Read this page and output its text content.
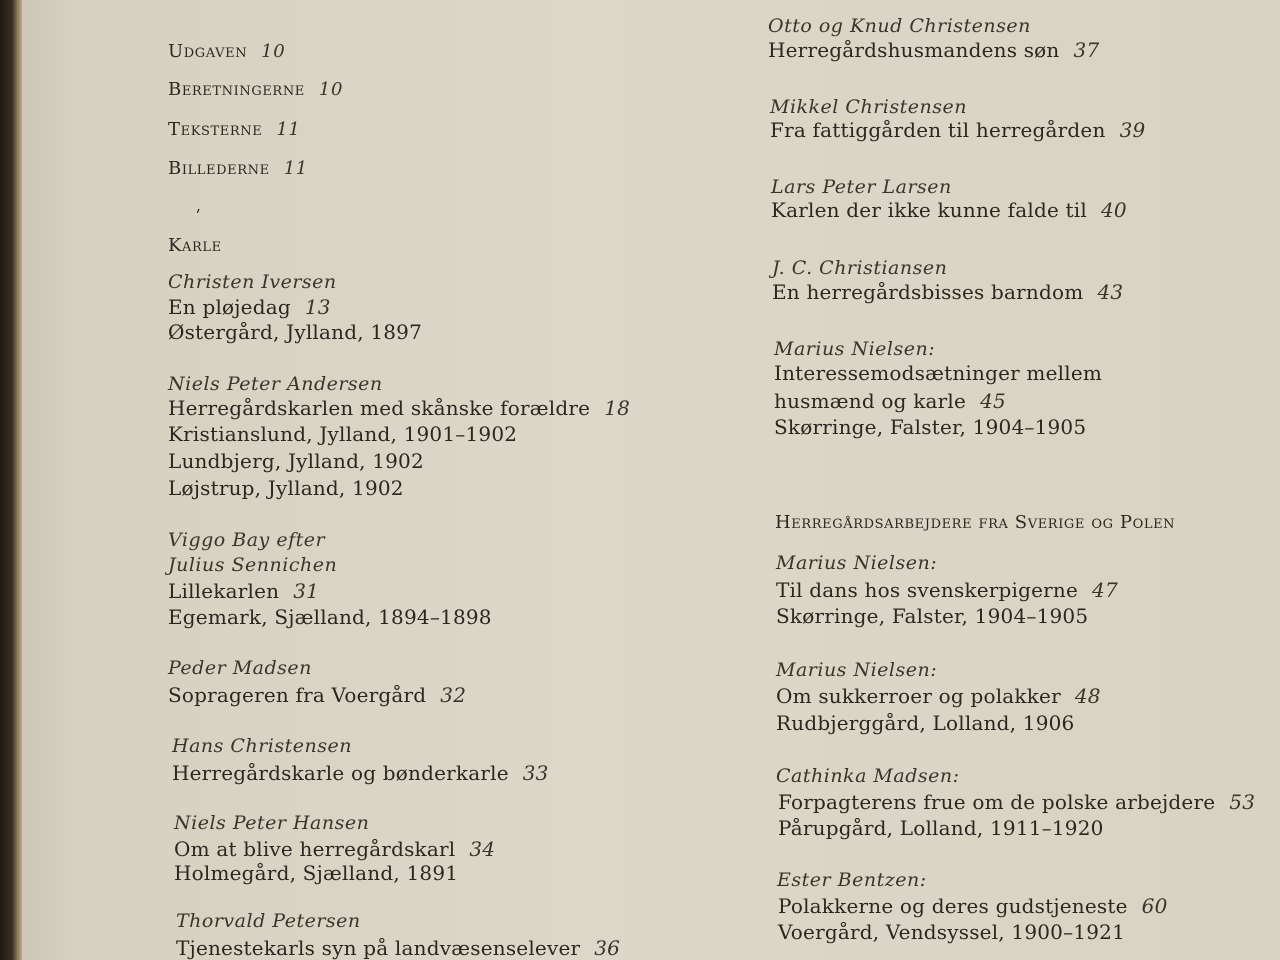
Udgaven 10
Beretningerne 10
Teksterne 11
Billederne 11
ʹ
Karle
Christen Iversen
En pløjedag 13
Østergård, Jylland, 1897
Niels Peter Andersen
Herregårdskarlen med skånske forældre 18
Kristianslund, Jylland, 1901–1902
Lundbjerg, Jylland, 1902
Løjstrup, Jylland, 1902
Viggo Bay efter
Julius Sennichen
Lillekarlen 31
Egemark, Sjælland, 1894–1898
Peder Madsen
Soprageren fra Voergård 32
Hans Christensen
Herregårdskarle og bønderkarle 33
Niels Peter Hansen
Om at blive herregårdskarl 34
Holmegård, Sjælland, 1891
Thorvald Petersen
Tjenestekarls syn på landvæsenselever 36
Otto og Knud Christensen
Herregårdshusmandens søn 37
Mikkel Christensen
Fra fattiggården til herregården 39
Lars Peter Larsen
Karlen der ikke kunne falde til 40
J. C. Christiansen
En herregårdsbisses barndom 43
Marius Nielsen:
Interessemodsætninger mellem
husmænd og karle 45
Skørringe, Falster, 1904–1905
Herregårdsarbejdere fra Sverige og Polen
Marius Nielsen:
Til dans hos svenskerpigerne 47
Skørringe, Falster, 1904–1905
Marius Nielsen:
Om sukkerroer og polakker 48
Rudbjerggård, Lolland, 1906
Cathinka Madsen:
Forpagterens frue om de polske arbejdere 53
Pårupgård, Lolland, 1911–1920
Ester Bentzen:
Polakkerne og deres gudstjeneste 60
Voergård, Vendsyssel, 1900–1921
